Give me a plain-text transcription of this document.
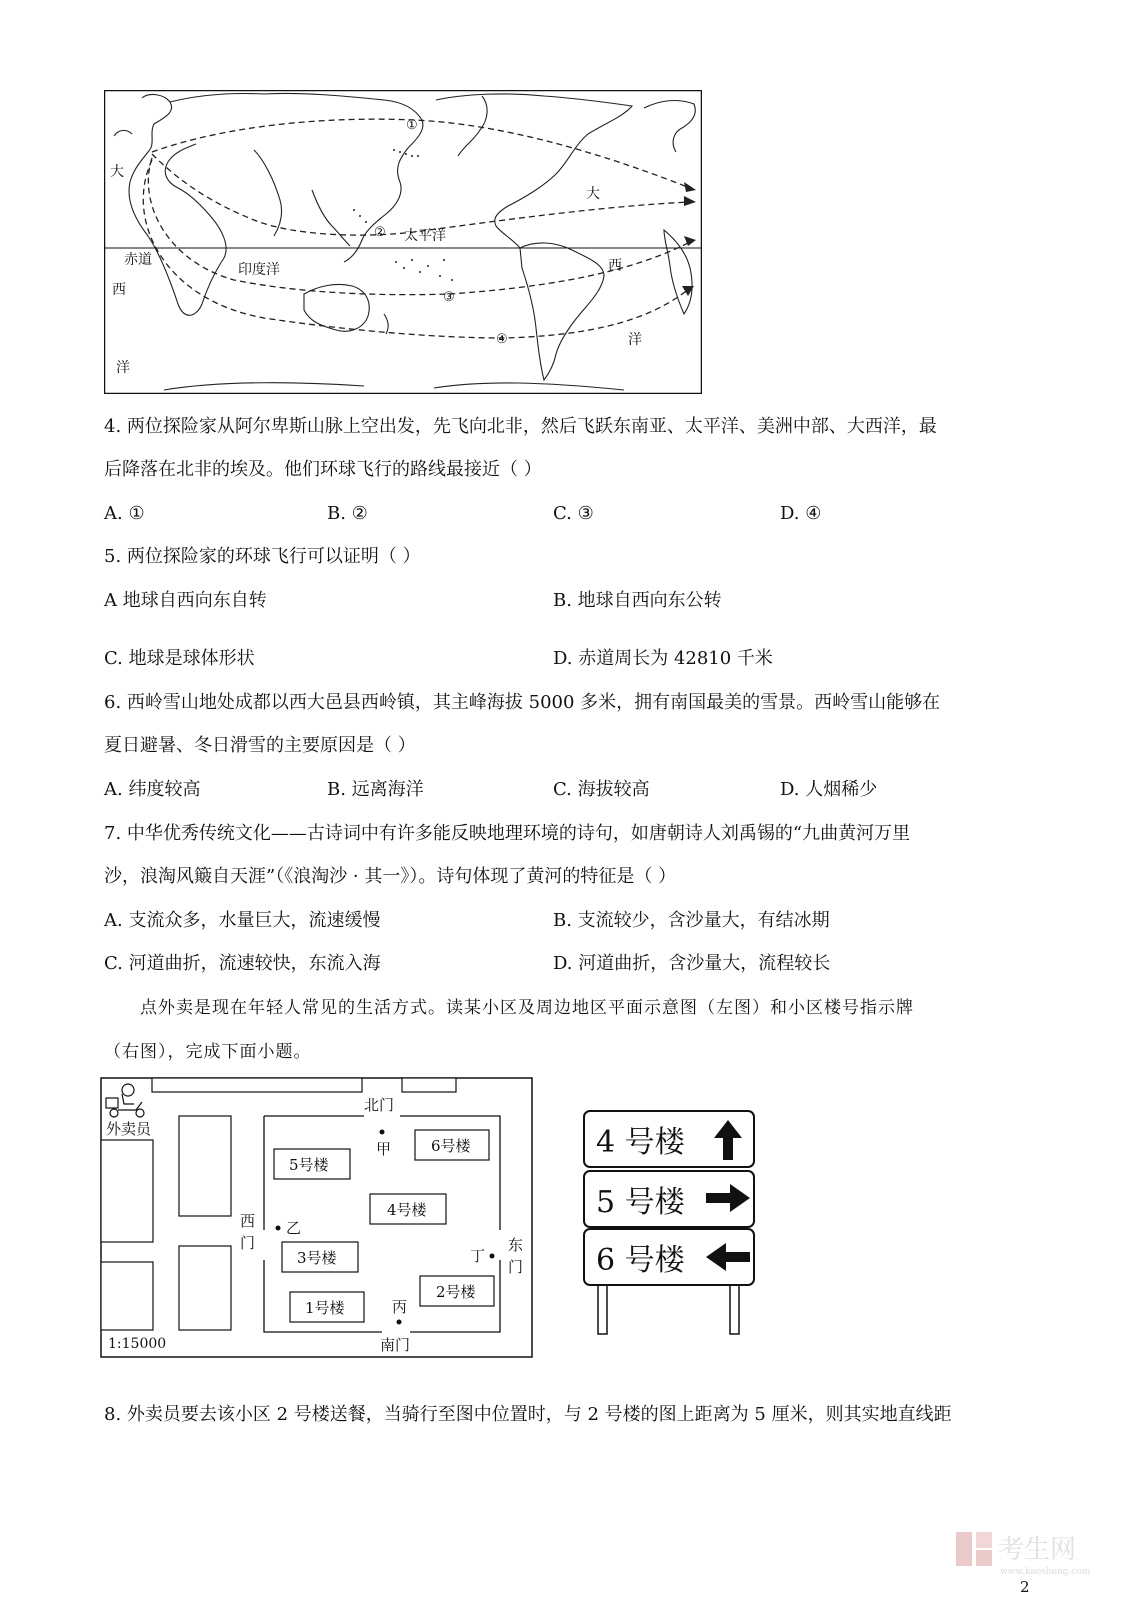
①
②
③
④
大
赤道
西
洋
印度洋
太平洋
大
西
洋
4. 两位探险家从阿尔卑斯山脉上空出发，先飞向北非，然后飞跃东南亚、太平洋、美洲中部、大西洋，最
后降落在北非的埃及。他们环球飞行的路线最接近（ ）
A. ①	B. ②	C. ③	D. ④
5. 两位探险家的环球飞行可以证明（ ）
A 地球自西向东自转	B. 地球自西向东公转
C. 地球是球体形状	D. 赤道周长为 42810 千米
6. 西岭雪山地处成都以西大邑县西岭镇，其主峰海拔 5000 多米，拥有南国最美的雪景。西岭雪山能够在
夏日避暑、冬日滑雪的主要原因是（ ）
A. 纬度较高	B. 远离海洋	C. 海拔较高	D. 人烟稀少
7. 中华优秀传统文化——古诗词中有许多能反映地理环境的诗句，如唐朝诗人刘禹锡的“九曲黄河万里
沙，浪淘风簸自天涯”（《浪淘沙 · 其一》）。诗句体现了黄河的特征是（ ）
A. 支流众多，水量巨大，流速缓慢	B. 支流较少，含沙量大，有结冰期
C. 河道曲折，流速较快，东流入海	D. 河道曲折，含沙量大，流程较长
点外卖是现在年轻人常见的生活方式。读某小区及周边地区平面示意图（左图）和小区楼号指示牌
（右图），完成下面小题。
外卖员
北门
南门
西
门	东
门
6号楼
5号楼
4号楼
3号楼
2号楼
1号楼
甲
乙
丙
丁
1:15000
4 号楼
5 号楼
6 号楼
8. 外卖员要去该小区 2 号楼送餐，当骑行至图中位置时，与 2 号楼的图上距离为 5 厘米，则其实地直线距
考生网
www.kaosheng.com
2
